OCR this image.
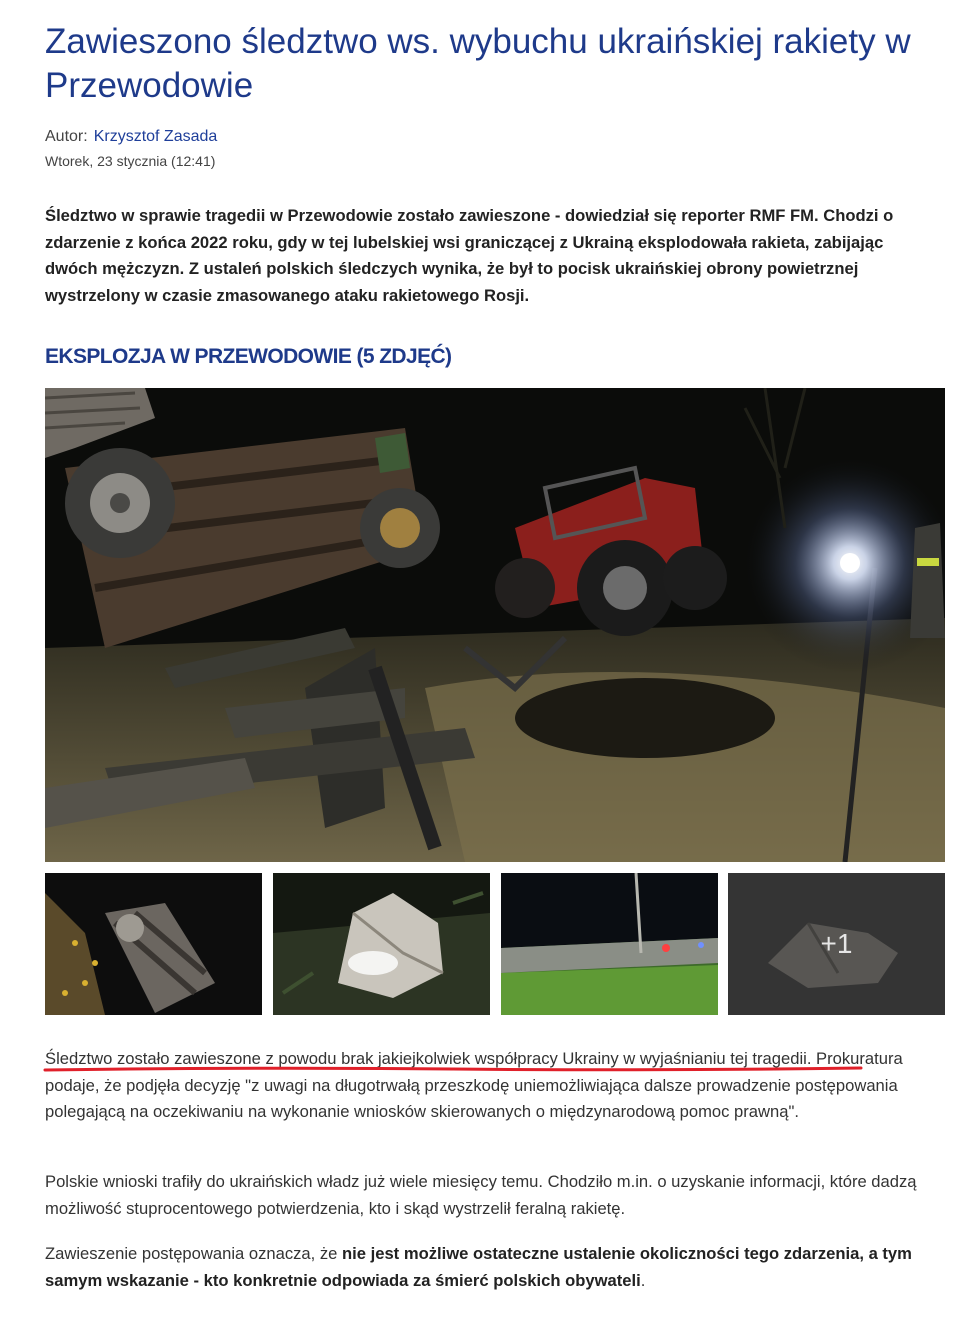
Zawieszono śledztwo ws. wybuchu ukraińskiej rakiety w Przewodowie
Autor: Krzysztof Zasada
Wtorek, 23 stycznia (12:41)

Śledztwo w sprawie tragedii w Przewodowie zostało zawieszone - dowiedział się reporter RMF FM. Chodzi o zdarzenie z końca 2022 roku, gdy w tej lubelskiej wsi graniczącej z Ukrainą eksplodowała rakieta, zabijając dwóch mężczyzn. Z ustaleń polskich śledczych wynika, że był to pocisk ukraińskiej obrony powietrznej wystrzelony w czasie zmasowanego ataku rakietowego Rosji.

EKSPLOZJA W PRZEWODOWIE (5 ZDJĘĆ)
+1

Śledztwo zostało zawieszone z powodu brak jakiejkolwiek współpracy Ukrainy w wyjaśnianiu tej tragedii. Prokuratura podaje, że podjęła decyzję "z uwagi na długotrwałą przeszkodę uniemożliwiająca dalsze prowadzenie postępowania polegającą na oczekiwaniu na wykonanie wniosków skierowanych o międzynarodową pomoc prawną".

Polskie wnioski trafiły do ukraińskich władz już wiele miesięcy temu. Chodziło m.in. o uzyskanie informacji, które dadzą możliwość stuprocentowego potwierdzenia, kto i skąd wystrzelił feralną rakietę.

Zawieszenie postępowania oznacza, że nie jest możliwe ostateczne ustalenie okoliczności tego zdarzenia, a tym samym wskazanie - kto konkretnie odpowiada za śmierć polskich obywateli.
